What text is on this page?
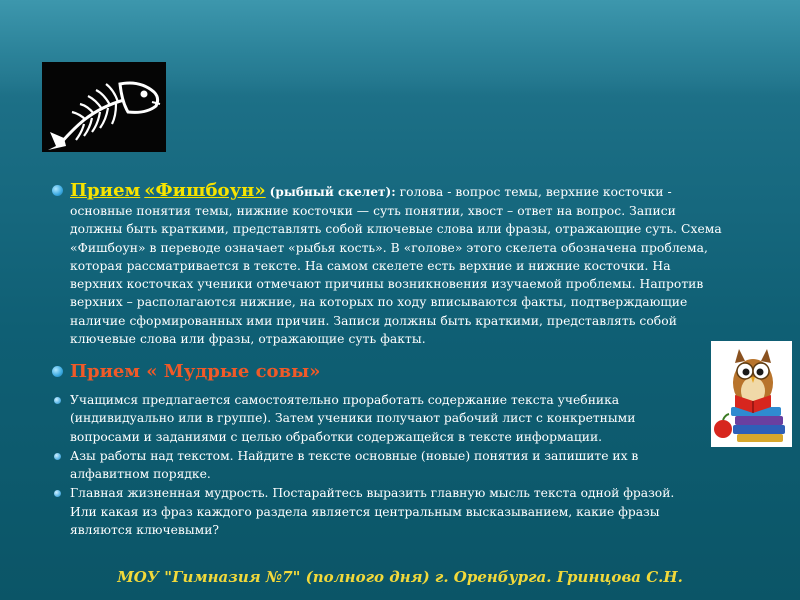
Прием «Фишбоун» (рыбный скелет): голова - вопрос темы, верхние косточки - основные понятия темы, нижние косточки — суть понятии, хвост – ответ на вопрос. Записи должны быть краткими, представлять собой ключевые слова или фразы, отражающие суть. Схема «Фишбоун» в переводе означает «рыбья кость». В «голове» этого скелета обозначена проблема, которая рассматривается в тексте. На самом скелете есть верхние и нижние косточки. На верхних косточках ученики отмечают причины возникновения изучаемой проблемы. Напротив верхних – располагаются нижние, на которых по ходу вписываются факты, подтверждающие наличие сформированных ими причин. Записи должны быть краткими, представлять собой ключевые слова или фразы, отражающие суть факты.
Прием « Мудрые совы»
Учащимся предлагается самостоятельно проработать содержание текста учебника (индивидуально или в группе). Затем ученики получают рабочий лист с конкретными вопросами и заданиями с целью обработки содержащейся в тексте информации.
Азы работы над текстом. Найдите в тексте основные (новые) понятия и запишите их в алфавитном порядке.
Главная жизненная мудрость. Постарайтесь выразить главную мысль текста одной фразой. Или какая из фраз каждого раздела является центральным высказыванием, какие фразы являются ключевыми?
МОУ "Гимназия №7" (полного дня) г. Оренбурга. Гринцова С.Н.
